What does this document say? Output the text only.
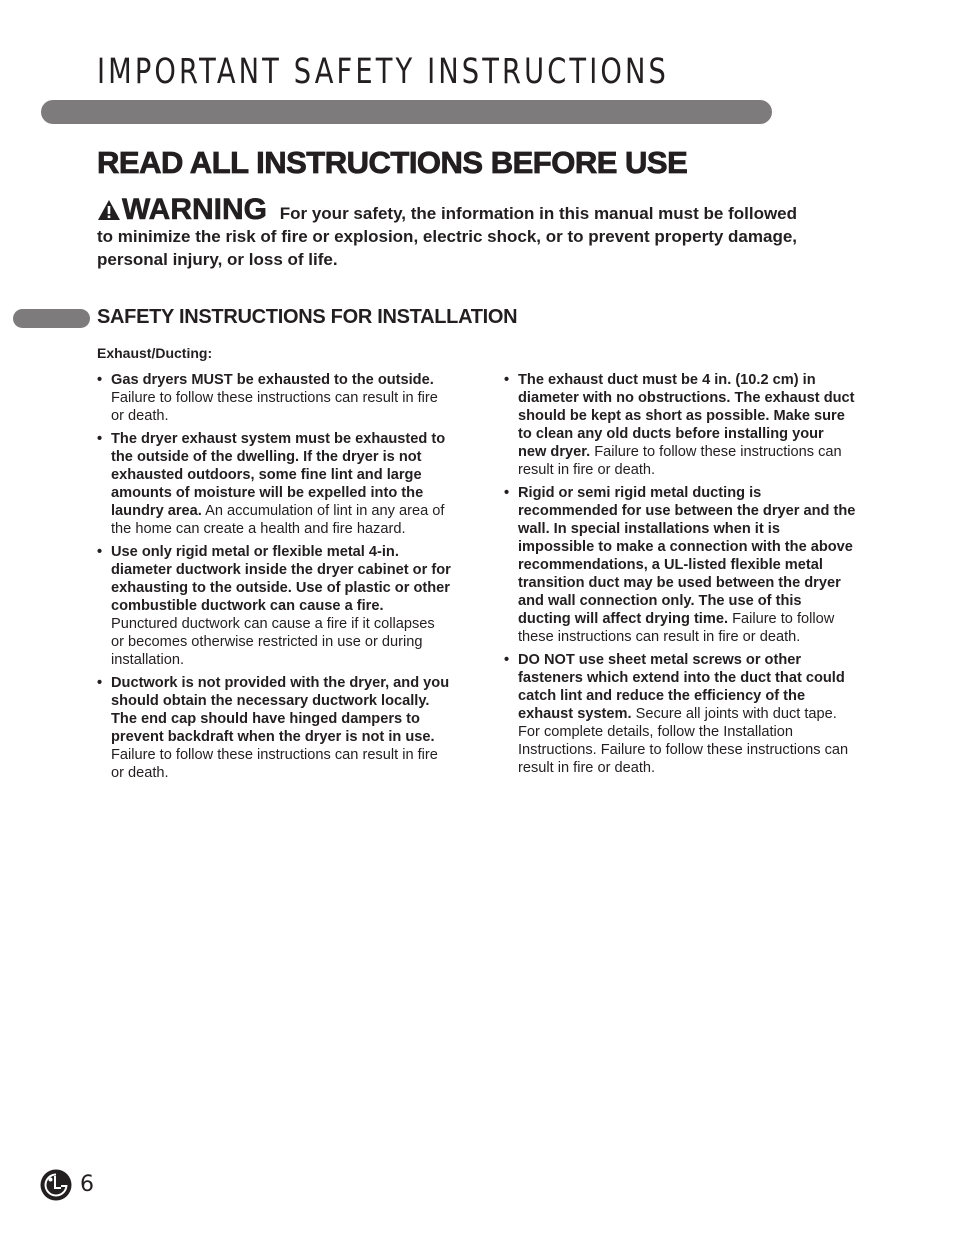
IMPORTANT SAFETY INSTRUCTIONS
READ ALL INSTRUCTIONS BEFORE USE
WARNING For your safety, the information in this manual must be followed to minimize the risk of fire or explosion, electric shock, or to prevent property damage, personal injury, or loss of life.
SAFETY INSTRUCTIONS FOR INSTALLATION
Exhaust/Ducting:
• Gas dryers MUST be exhausted to the outside. Failure to follow these instructions can result in fire or death.
• The dryer exhaust system must be exhausted to the outside of the dwelling. If the dryer is not exhausted outdoors, some fine lint and large amounts of moisture will be expelled into the laundry area. An accumulation of lint in any area of the home can create a health and fire hazard.
• Use only rigid metal or flexible metal 4-in. diameter ductwork inside the dryer cabinet or for exhausting to the outside. Use of plastic or other combustible ductwork can cause a fire. Punctured ductwork can cause a fire if it collapses or becomes otherwise restricted in use or during installation.
• Ductwork is not provided with the dryer, and you should obtain the necessary ductwork locally. The end cap should have hinged dampers to prevent backdraft when the dryer is not in use. Failure to follow these instructions can result in fire or death.
• The exhaust duct must be 4 in. (10.2 cm) in diameter with no obstructions. The exhaust duct should be kept as short as possible. Make sure to clean any old ducts before installing your new dryer. Failure to follow these instructions can result in fire or death.
• Rigid or semi rigid metal ducting is recommended for use between the dryer and the wall. In special installations when it is impossible to make a connection with the above recommendations, a UL-listed flexible metal transition duct may be used between the dryer and wall connection only. The use of this ducting will affect drying time. Failure to follow these instructions can result in fire or death.
• DO NOT use sheet metal screws or other fasteners which extend into the duct that could catch lint and reduce the efficiency of the exhaust system. Secure all joints with duct tape. For complete details, follow the Installation Instructions. Failure to follow these instructions can result in fire or death.
6
